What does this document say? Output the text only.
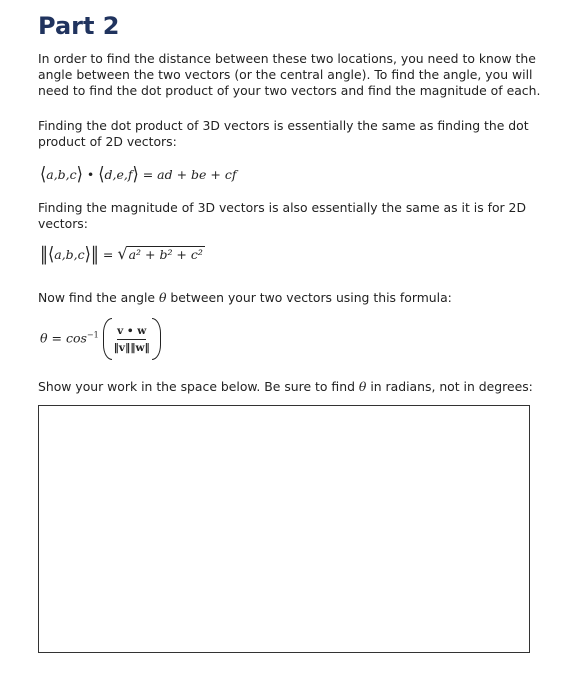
Part 2
In order to find the distance between these two locations, you need to know the angle between the two vectors (or the central angle). To find the angle, you will need to find the dot product of your two vectors and find the magnitude of each.
Finding the dot product of 3D vectors is essentially the same as finding the dot product of 2D vectors:
⟨a,b,c⟩ • ⟨d,e,f⟩ = ad + be + cf
Finding the magnitude of 3D vectors is also essentially the same as it is for 2D vectors:
‖⟨a,b,c⟩‖ = √a² + b² + c²
Now find the angle θ between your two vectors using this formula:
$\theta = \cos^{-1} \frac{v • w}{‖v‖‖w‖}$
Show your work in the space below. Be sure to find θ in radians, not in degrees:
